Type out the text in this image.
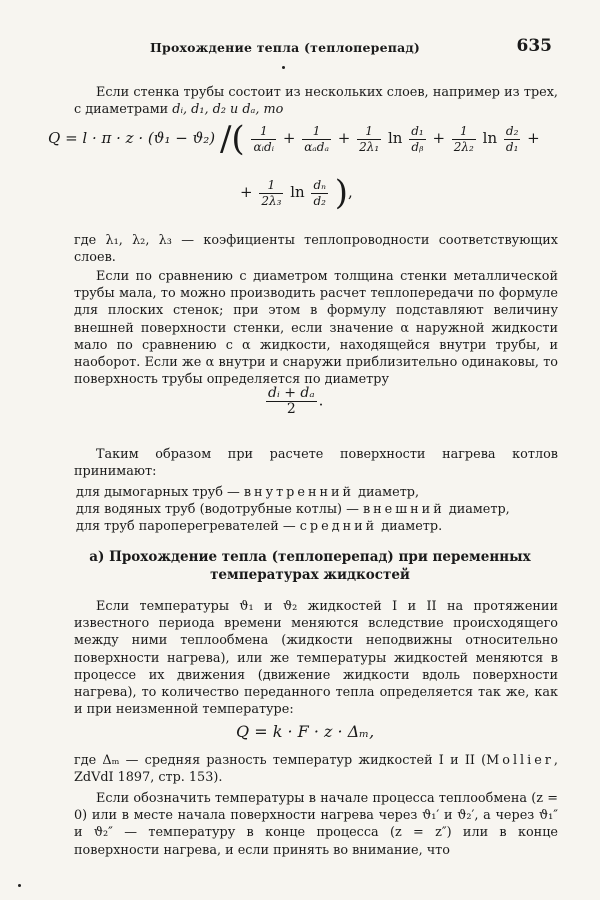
Прохождение тепла (теплоперепад)	635

Если стенка трубы состоит из нескольких слоев, например из трех, с диаметрами dᵢ, d₁, d₂ и dₐ, то

Q = l · π · z · (ϑ₁ − ϑ₂) /( $\frac{1}{\text{αᵢdᵢ}} + \frac{1}{\text{αₐdₐ}} + \frac{1}{\text{2λ₁}}$ $\ln \frac{\text{d₁}}{\text{dᵦ}} + \frac{1}{\text{2λ₂}}$ $\ln \frac{\text{d₂}}{\text{d₁}}$ +
+ $\frac{1}{\text{2λ₃}}$ $\ln \frac{\text{dₙ}}{\text{d₂}}$ ),

где λ₁, λ₂, λ₃ — коэфициенты теплопроводности соответствующих слоев.

Если по сравнению с диаметром толщина стенки металлической трубы мала, то можно производить расчет теплопередачи по формуле для плоских стенок; при этом в формулу подставляют величину внешней поверхности стенки, если значение α наружной жидкости мало по сравнению с α жидкости, находящейся внутри трубы, и наоборот. Если же α внутри и снаружи приблизительно одинаковы, то поверхность трубы определяется по диаметру

$\frac{\text{dᵢ + dₐ}}{2}$ .

Таким образом при расчете поверхности нагрева котлов принимают:

для дымогарных труб — внутренний диаметр,
для водяных труб (водотрубные котлы) — внешний диаметр,
для труб пароперегревателей — средний диаметр.
а) Прохождение тепла (теплоперепад) при переменных температурах жидкостей

Если температуры ϑ₁ и ϑ₂ жидкостей I и II на протяжении известного периода времени меняются вследствие происходящего между ними теплообмена (жидкости неподвижны относительно поверхности нагрева), или же температуры жидкостей меняются в процессе их движения (движение жидкости вдоль поверхности нагрева), то количество переданного тепла определяется так же, как и при неизменной температуре:

Q = k · F · z · Δₘ,

где Δₘ — средняя разность температур жидкостей I и II (Mollier, ZdVdI 1897, стр. 153).

Если обозначить температуры в начале процесса теплообмена (z = 0) или в месте начала поверхности нагрева через ϑ₁′ и ϑ₂′, а через ϑ₁″ и ϑ₂″ — температуру в конце процесса (z = z″) или в конце поверхности нагрева, и если принять во внимание, что
